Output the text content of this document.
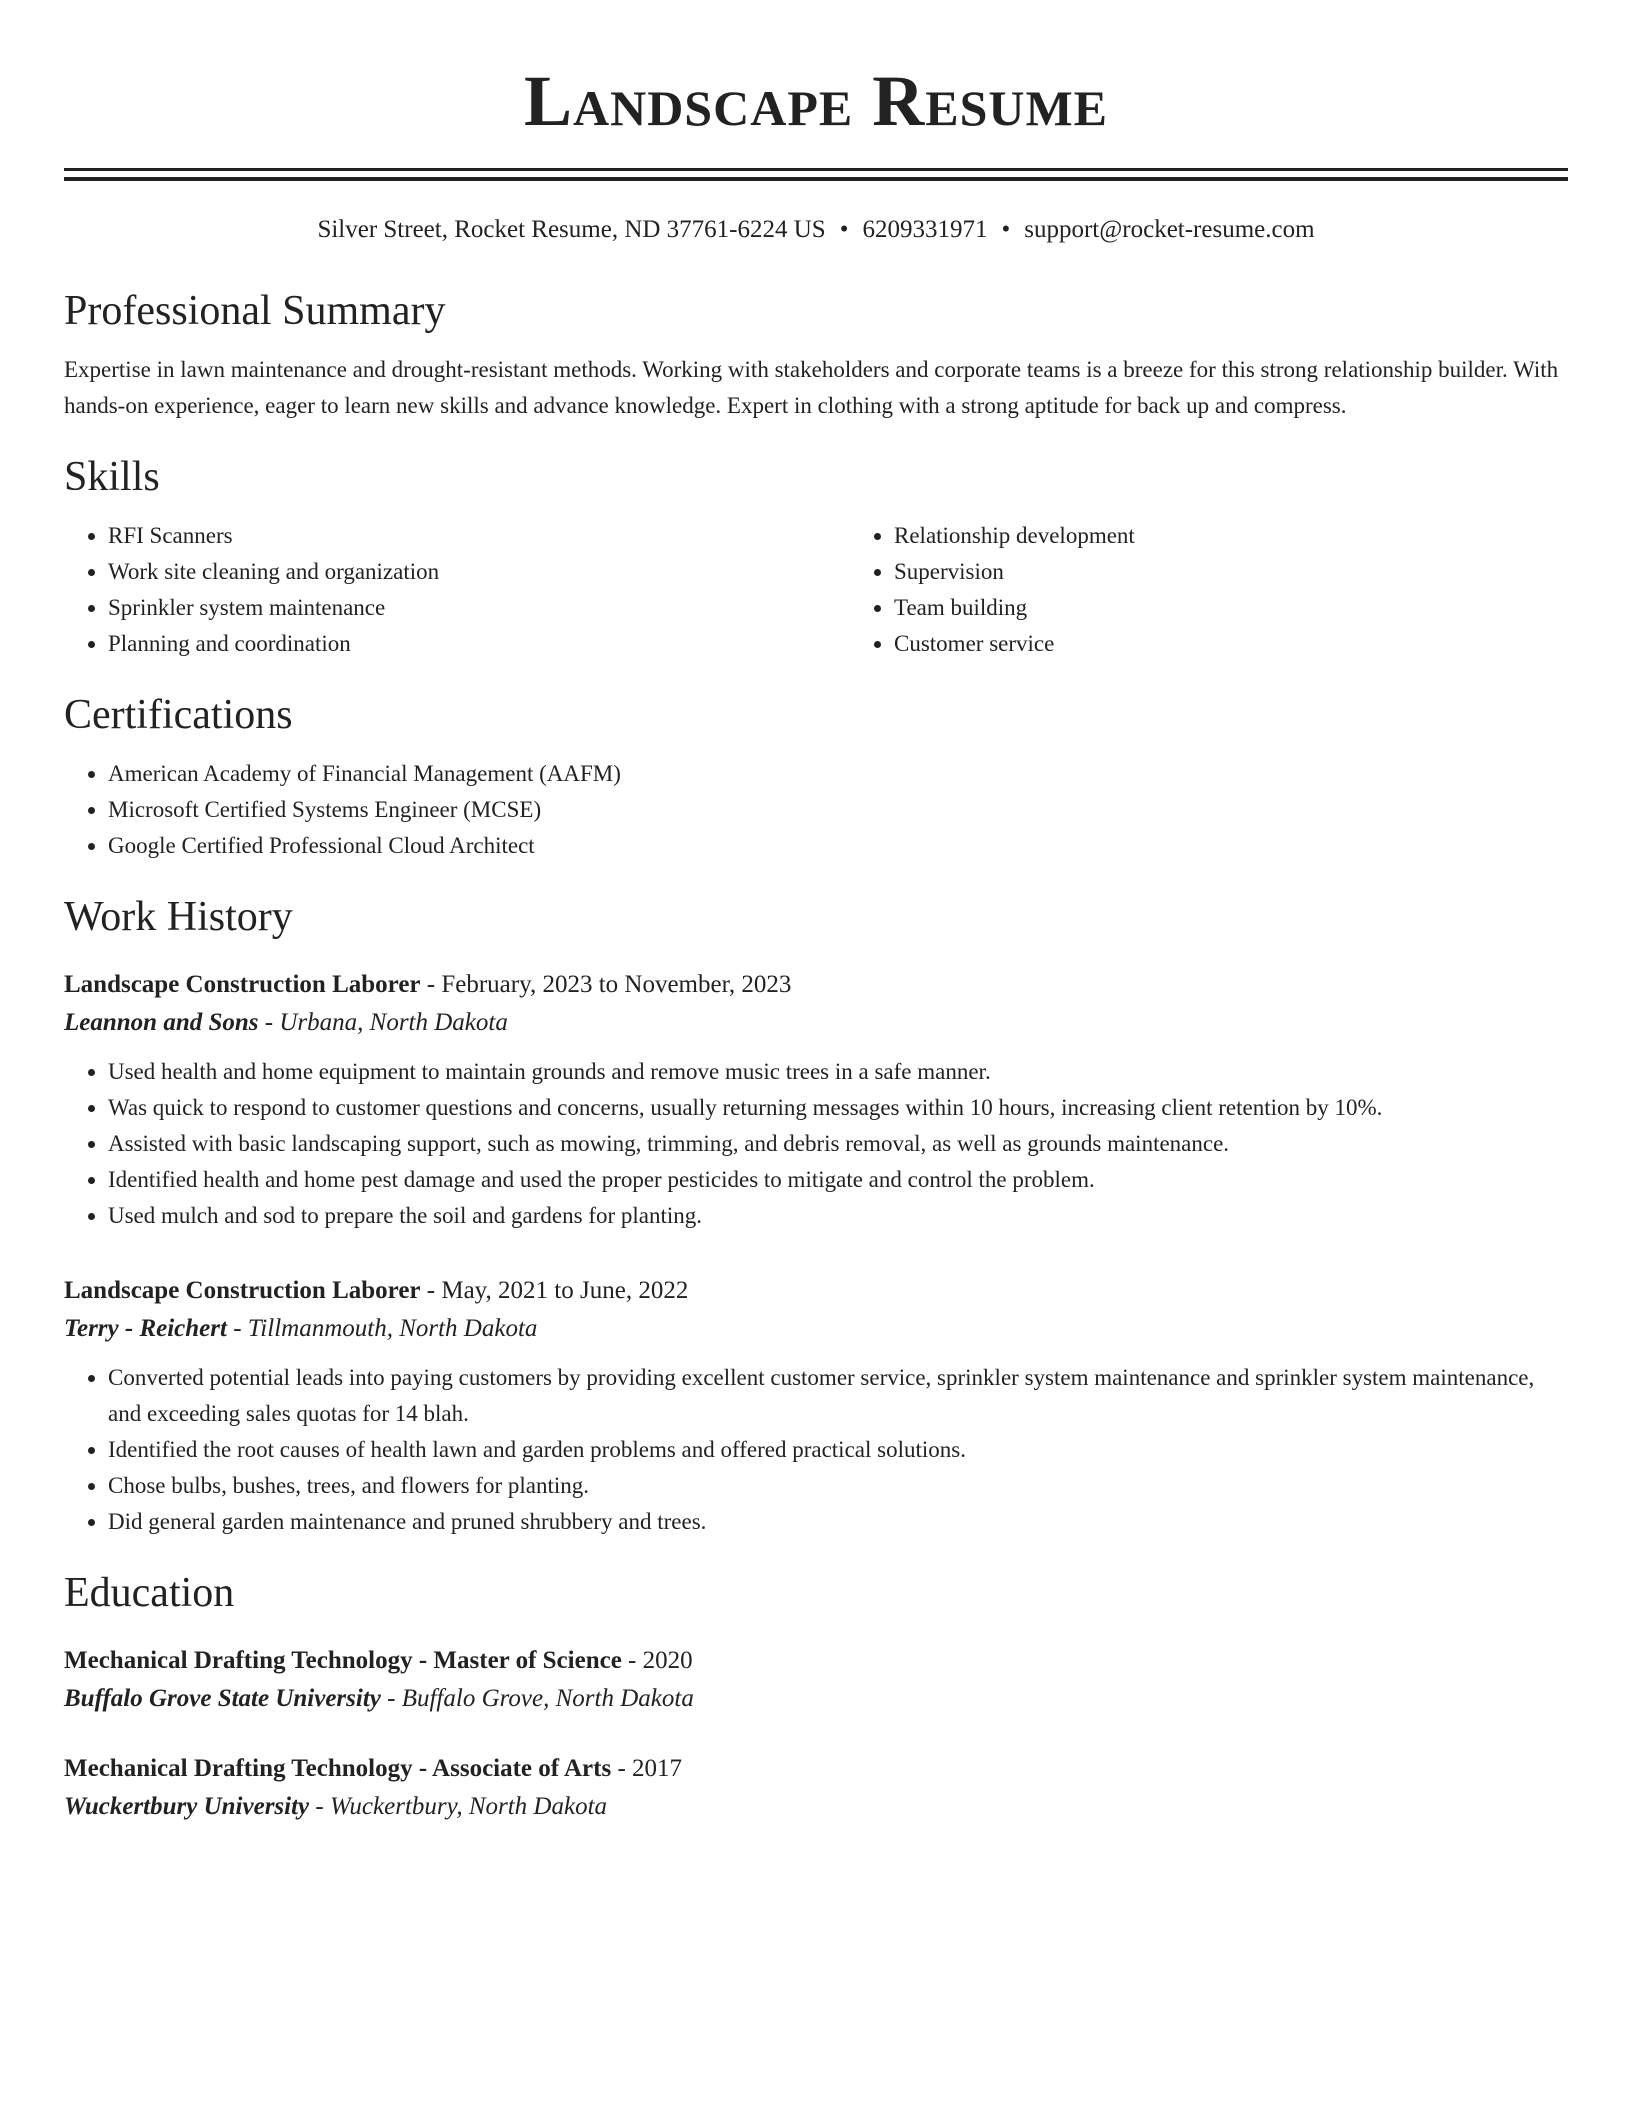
Landscape Resume
Silver Street, Rocket Resume, ND 37761-6224 US • 6209331971 • support@rocket-resume.com
Professional Summary
Expertise in lawn maintenance and drought-resistant methods. Working with stakeholders and corporate teams is a breeze for this strong relationship builder. With hands-on experience, eager to learn new skills and advance knowledge. Expert in clothing with a strong aptitude for back up and compress.
Skills
• RFI Scanners
• Work site cleaning and organization
• Sprinkler system maintenance
• Planning and coordination
• Relationship development
• Supervision
• Team building
• Customer service
Certifications
• American Academy of Financial Management (AAFM)
• Microsoft Certified Systems Engineer (MCSE)
• Google Certified Professional Cloud Architect
Work History
Landscape Construction Laborer - February, 2023 to November, 2023
Leannon and Sons - Urbana, North Dakota
• Used health and home equipment to maintain grounds and remove music trees in a safe manner.
• Was quick to respond to customer questions and concerns, usually returning messages within 10 hours, increasing client retention by 10%.
• Assisted with basic landscaping support, such as mowing, trimming, and debris removal, as well as grounds maintenance.
• Identified health and home pest damage and used the proper pesticides to mitigate and control the problem.
• Used mulch and sod to prepare the soil and gardens for planting.
Landscape Construction Laborer - May, 2021 to June, 2022
Terry - Reichert - Tillmanmouth, North Dakota
• Converted potential leads into paying customers by providing excellent customer service, sprinkler system maintenance and sprinkler system maintenance, and exceeding sales quotas for 14 blah.
• Identified the root causes of health lawn and garden problems and offered practical solutions.
• Chose bulbs, bushes, trees, and flowers for planting.
• Did general garden maintenance and pruned shrubbery and trees.
Education
Mechanical Drafting Technology - Master of Science - 2020
Buffalo Grove State University - Buffalo Grove, North Dakota
Mechanical Drafting Technology - Associate of Arts - 2017
Wuckertbury University - Wuckertbury, North Dakota
